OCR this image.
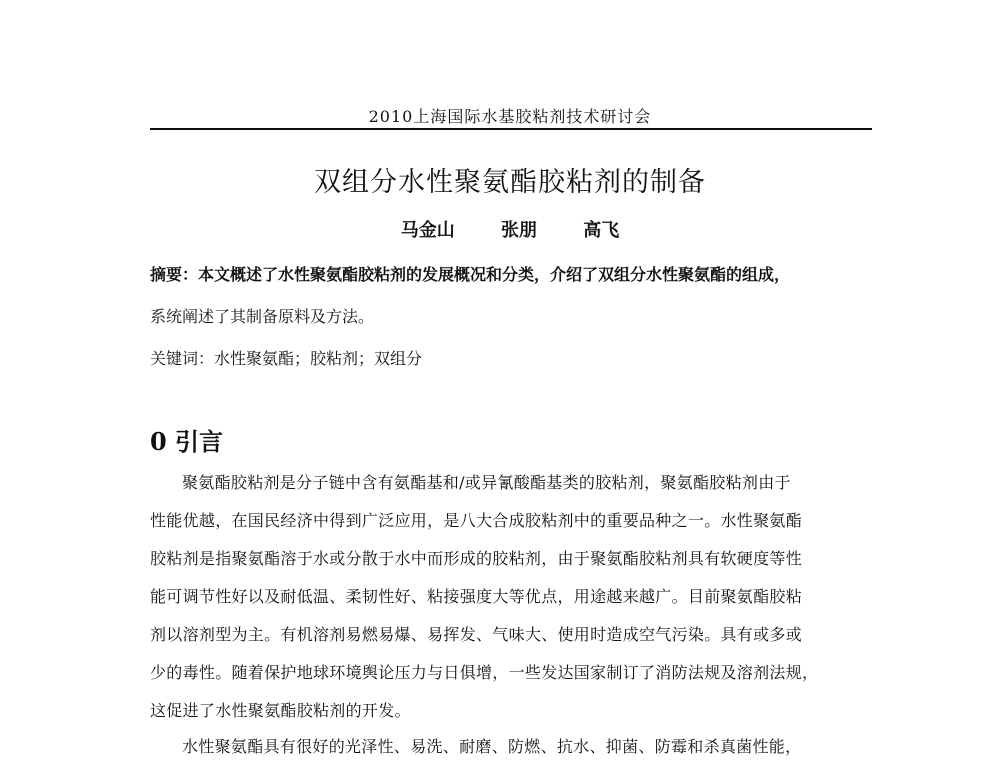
2010上海国际水基胶粘剂技术研讨会
双组分水性聚氨酯胶粘剂的制备
马金山	张朋	高飞
摘要：本文概述了水性聚氨酯胶粘剂的发展概况和分类，介绍了双组分水性聚氨酯的组成，
系统阐述了其制备原料及方法。
关键词：水性聚氨酯；胶粘剂；双组分
0 引言
聚氨酯胶粘剂是分子链中含有氨酯基和/或异氰酸酯基类的胶粘剂，聚氨酯胶粘剂由于
性能优越，在国民经济中得到广泛应用，是八大合成胶粘剂中的重要品种之一。水性聚氨酯
胶粘剂是指聚氨酯溶于水或分散于水中而形成的胶粘剂，由于聚氨酯胶粘剂具有软硬度等性
能可调节性好以及耐低温、柔韧性好、粘接强度大等优点，用途越来越广。目前聚氨酯胶粘
剂以溶剂型为主。有机溶剂易燃易爆、易挥发、气味大、使用时造成空气污染。具有或多或
少的毒性。随着保护地球环境舆论压力与日俱增，一些发达国家制订了消防法规及溶剂法规，
这促进了水性聚氨酯胶粘剂的开发。
水性聚氨酯具有很好的光泽性、易洗、耐磨、防燃、抗水、抑菌、防霉和杀真菌性能，
